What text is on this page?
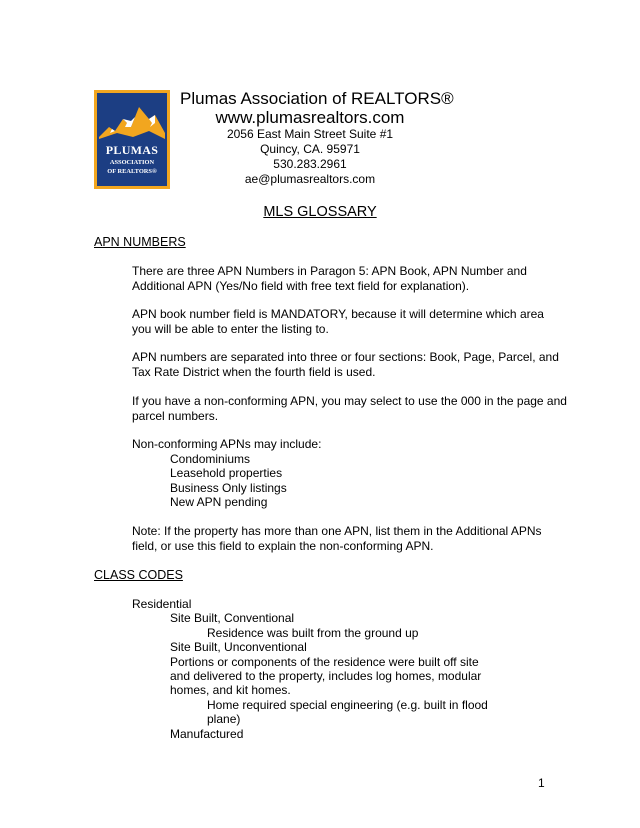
PLUMAS
ASSOCIATION
OF REALTORS®
Plumas Association of REALTORS®
www.plumasrealtors.com
2056 East Main Street Suite #1
Quincy, CA. 95971
530.283.2961
ae@plumasrealtors.com
MLS GLOSSARY
APN NUMBERS
There are three APN Numbers in Paragon 5: APN Book, APN Number and
Additional APN (Yes/No field with free text field for explanation).
APN book number field is MANDATORY, because it will determine which area
you will be able to enter the listing to.
APN numbers are separated into three or four sections: Book, Page, Parcel, and
Tax Rate District when the fourth field is used.
If you have a non-conforming APN, you may select to use the 000 in the page and
parcel numbers.
Non-conforming APNs may include:
Condominiums
Leasehold properties
Business Only listings
New APN pending
Note: If the property has more than one APN, list them in the Additional APNs
field, or use this field to explain the non-conforming APN.
CLASS CODES
Residential
Site Built, Conventional
Residence was built from the ground up
Site Built, Unconventional
Portions or components of the residence were built off site
and delivered to the property, includes log homes, modular
homes, and kit homes.
Home required special engineering (e.g. built in flood
plane)
Manufactured
1
